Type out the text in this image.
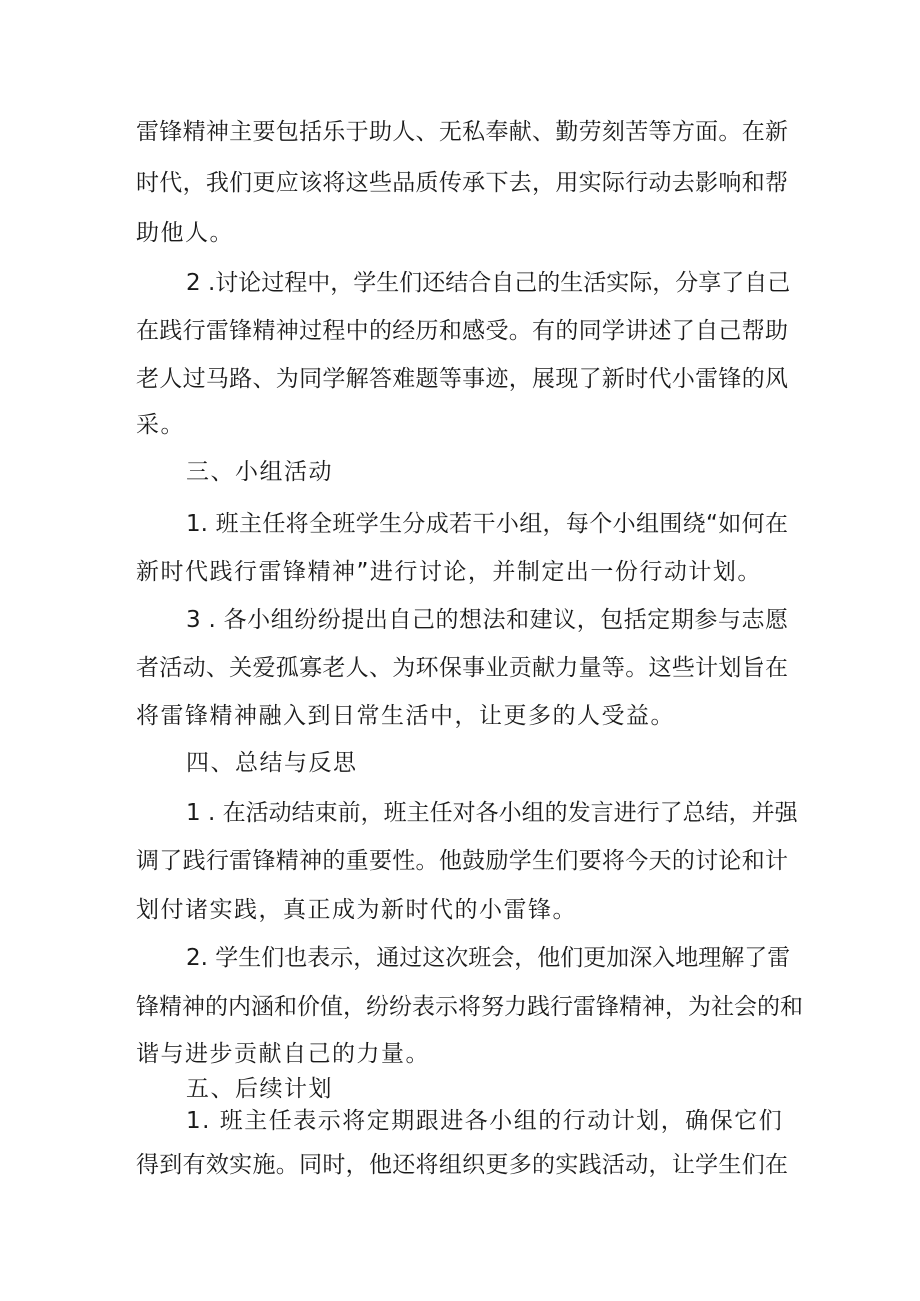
雷锋精神主要包括乐于助人、无私奉献、勤劳刻苦等方面。在新
时代，我们更应该将这些品质传承下去，用实际行动去影响和帮
助他人。
2 .讨论过程中，学生们还结合自己的生活实际，分享了自己
在践行雷锋精神过程中的经历和感受。有的同学讲述了自己帮助
老人过马路、为同学解答难题等事迹，展现了新时代小雷锋的风
采。
三、小组活动
1. 班主任将全班学生分成若干小组，每个小组围绕“如何在
新时代践行雷锋精神”进行讨论，并制定出一份行动计划。
3 . 各小组纷纷提出自己的想法和建议，包括定期参与志愿
者活动、关爱孤寡老人、为环保事业贡献力量等。这些计划旨在
将雷锋精神融入到日常生活中，让更多的人受益。
四、总结与反思
1 . 在活动结束前，班主任对各小组的发言进行了总结，并强
调了践行雷锋精神的重要性。他鼓励学生们要将今天的讨论和计
划付诸实践，真正成为新时代的小雷锋。
2. 学生们也表示，通过这次班会，他们更加深入地理解了雷
锋精神的内涵和价值，纷纷表示将努力践行雷锋精神，为社会的和
谐与进步贡献自己的力量。
五、后续计划
1. 班主任表示将定期跟进各小组的行动计划，确保它们
得到有效实施。同时，他还将组织更多的实践活动，让学生们在
